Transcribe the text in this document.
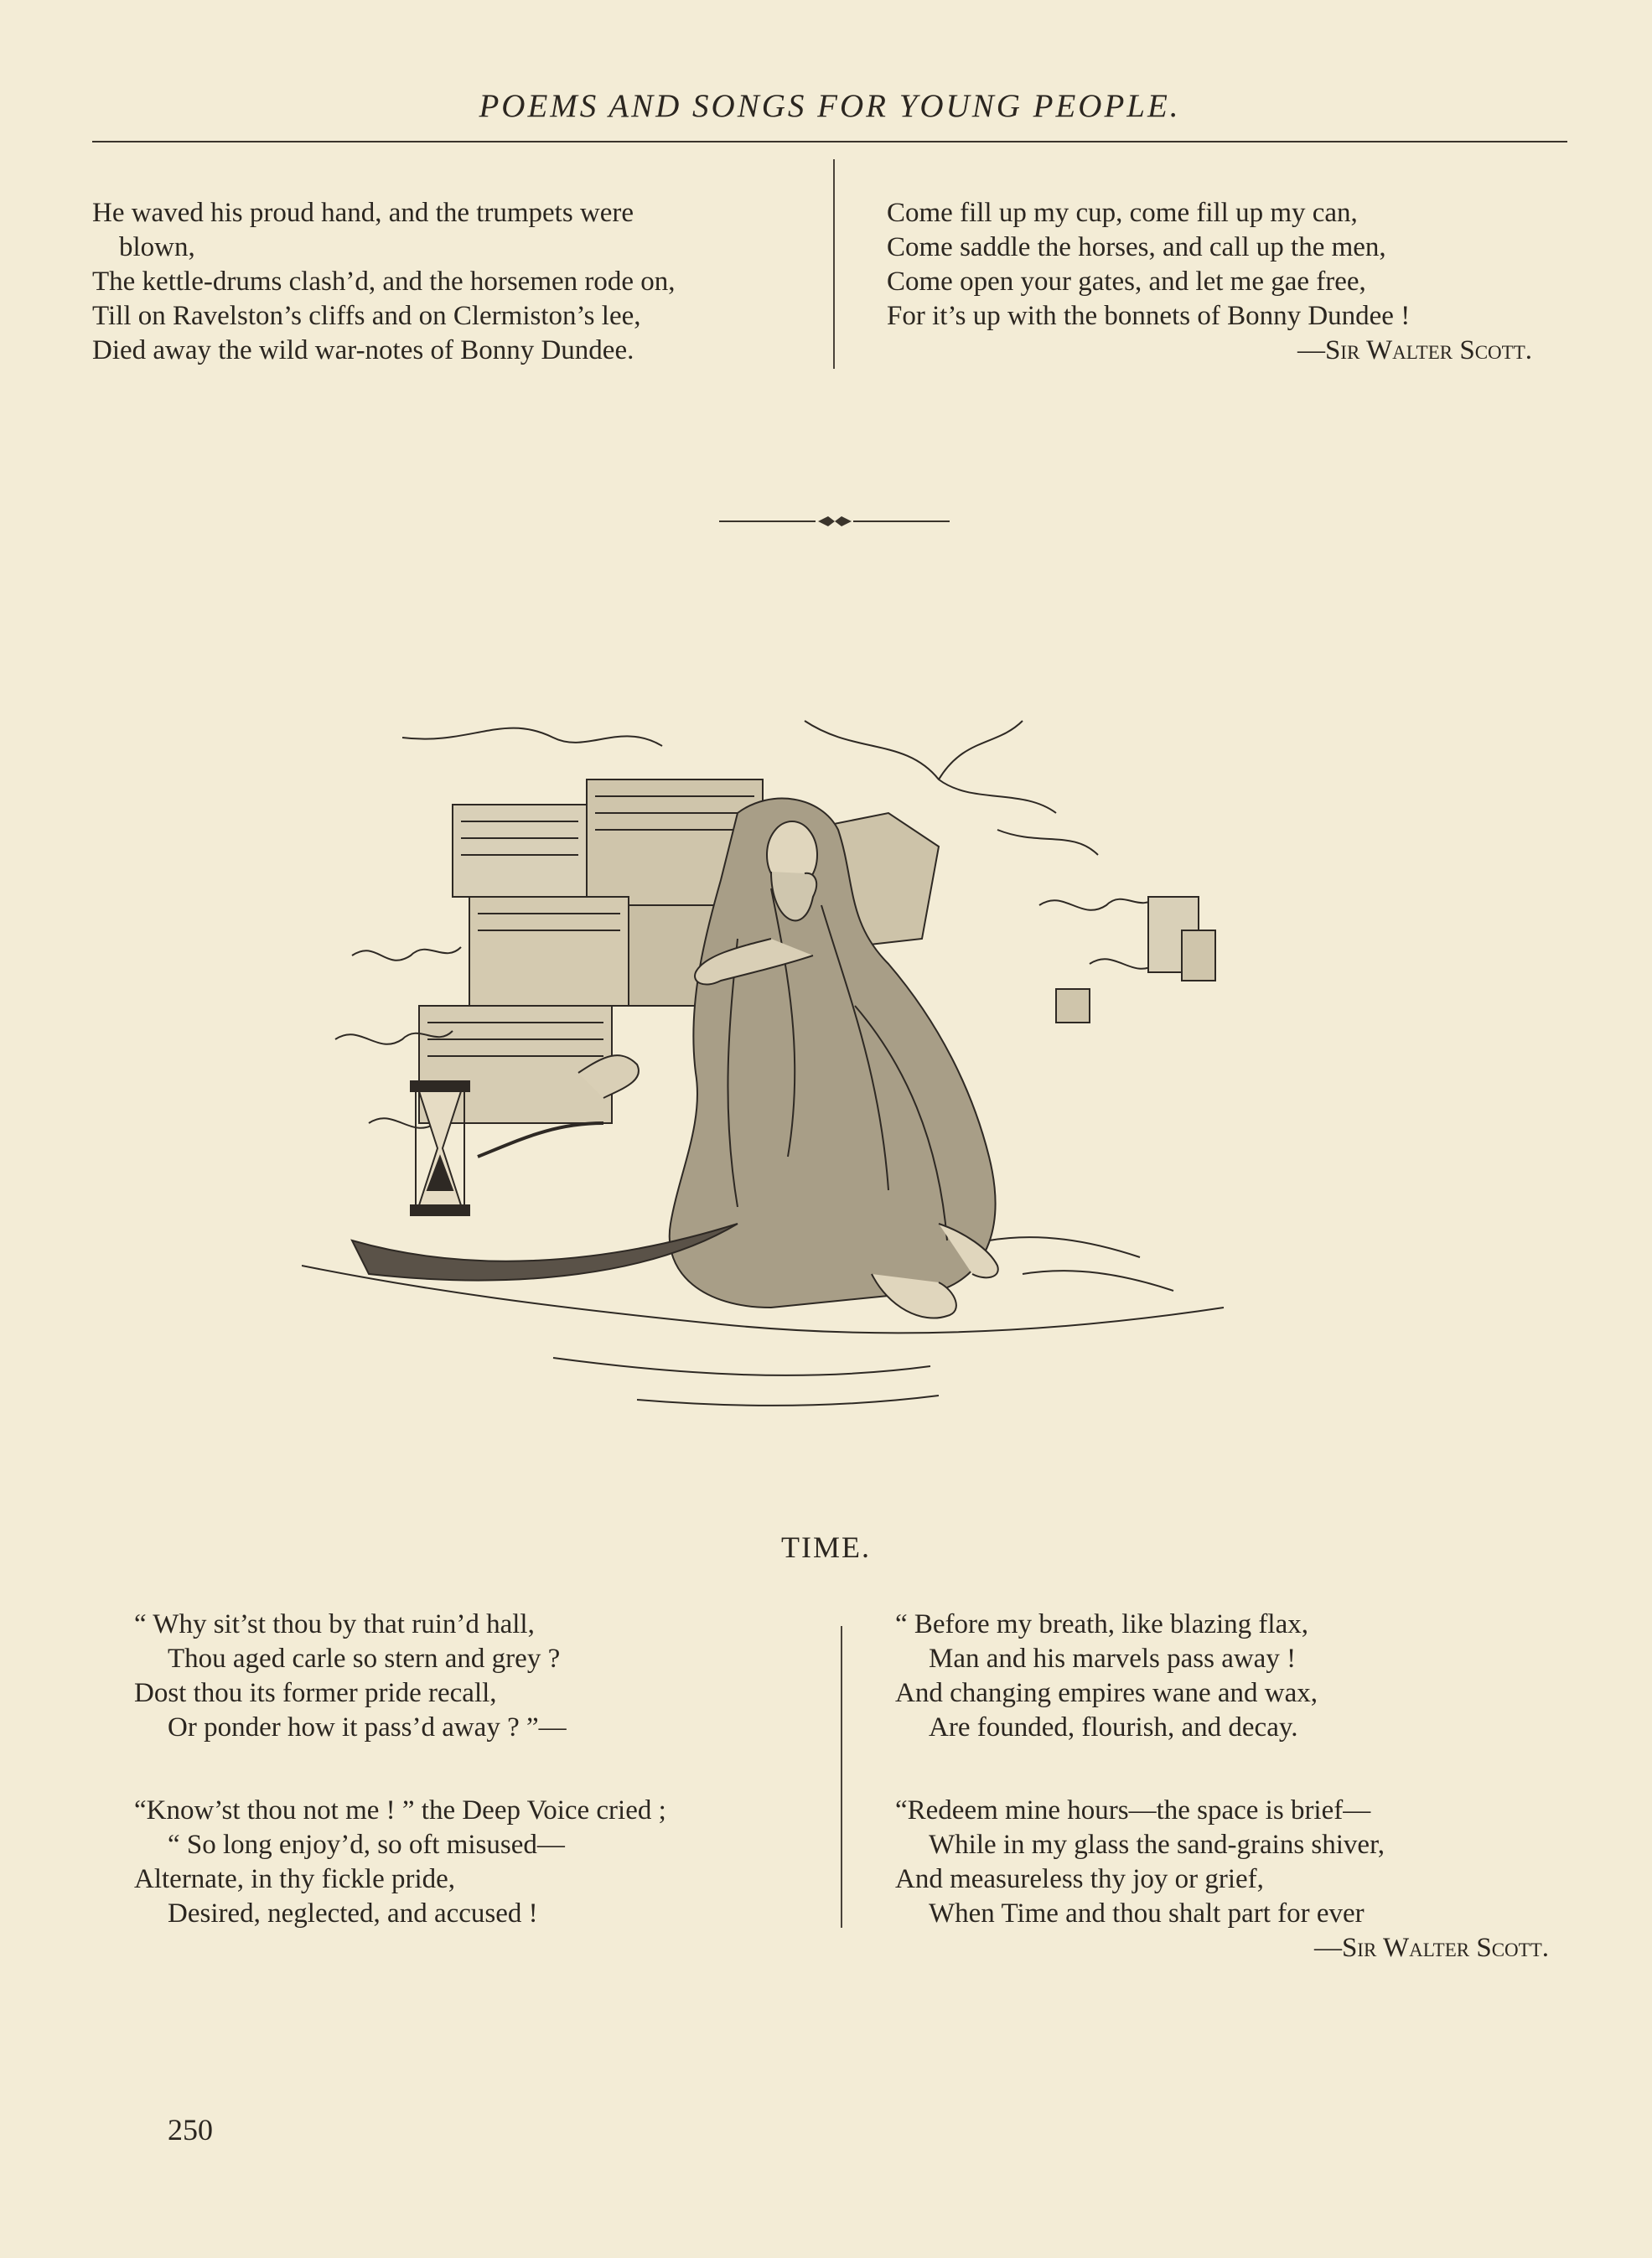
POEMS AND SONGS FOR YOUNG PEOPLE.
He waved his proud hand, and the trumpets were
blown,
The kettle-drums clash’d, and the horsemen rode on,
Till on Ravelston’s cliffs and on Clermiston’s lee,
Died away the wild war-notes of Bonny Dundee.
Come fill up my cup, come fill up my can,
Come saddle the horses, and call up the men,
Come open your gates, and let me gae free,
For it’s up with the bonnets of Bonny Dundee !
—Sir Walter Scott.
TIME.
“ Why sit’st thou by that ruin’d hall,
Thou aged carle so stern and grey ?
Dost thou its former pride recall,
Or ponder how it pass’d away ? ”—
“Know’st thou not me ! ” the Deep Voice cried ;
“ So long enjoy’d, so oft misused—
Alternate, in thy fickle pride,
Desired, neglected, and accused !
“ Before my breath, like blazing flax,
Man and his marvels pass away !
And changing empires wane and wax,
Are founded, flourish, and decay.
“Redeem mine hours—the space is brief—
While in my glass the sand-grains shiver,
And measureless thy joy or grief,
When Time and thou shalt part for ever
—Sir Walter Scott.
250
